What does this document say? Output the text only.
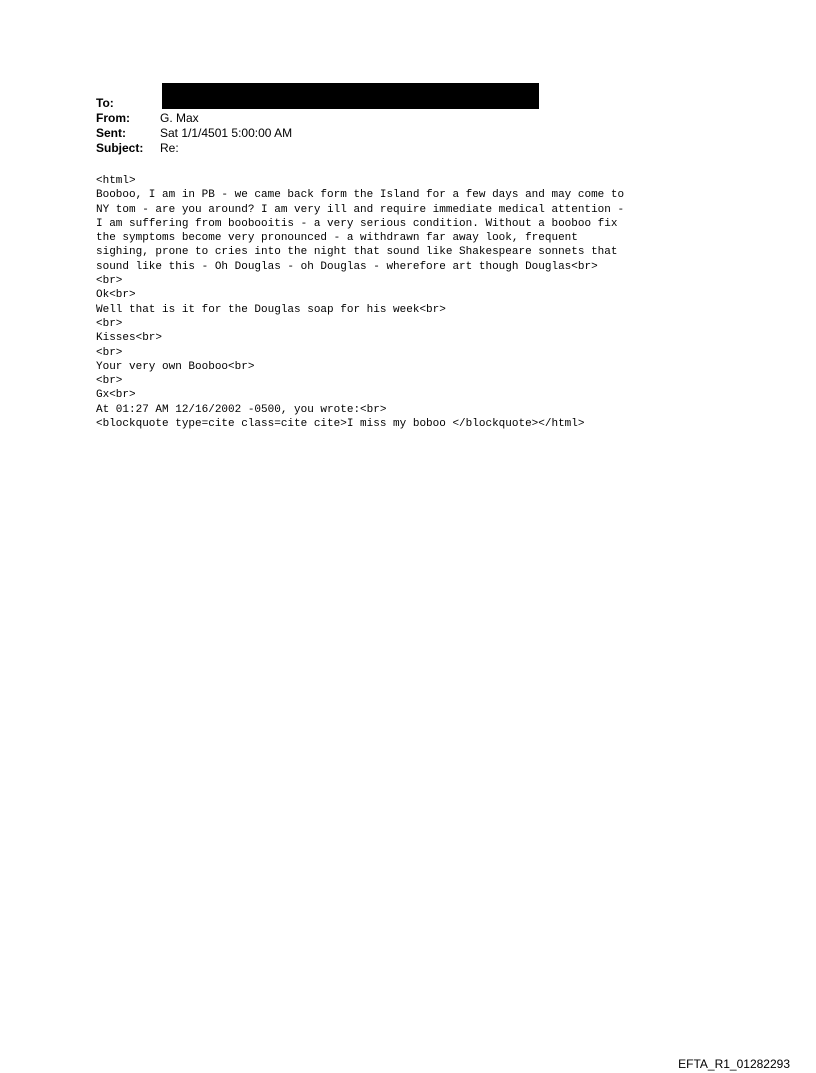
To:
From:	G. Max
Sent:	Sat 1/1/4501 5:00:00 AM
Subject:	Re:
<html>
Booboo, I am in PB - we came back form the Island for a few days and may come to
NY tom - are you around? I am very ill and require immediate medical attention -
I am suffering from boobooitis - a very serious condition. Without a booboo fix
the symptoms become very pronounced - a withdrawn far away look, frequent
sighing, prone to cries into the night that sound like Shakespeare sonnets that
sound like this - Oh Douglas - oh Douglas - wherefore art though Douglas<br>
<br>
Ok<br>
Well that is it for the Douglas soap for his week<br>
<br>
Kisses<br>
<br>
Your very own Booboo<br>
<br>
Gx<br>
At 01:27 AM 12/16/2002 -0500, you wrote:<br>
<blockquote type=cite class=cite cite>I miss my boboo </blockquote></html>
EFTA_R1_01282293
